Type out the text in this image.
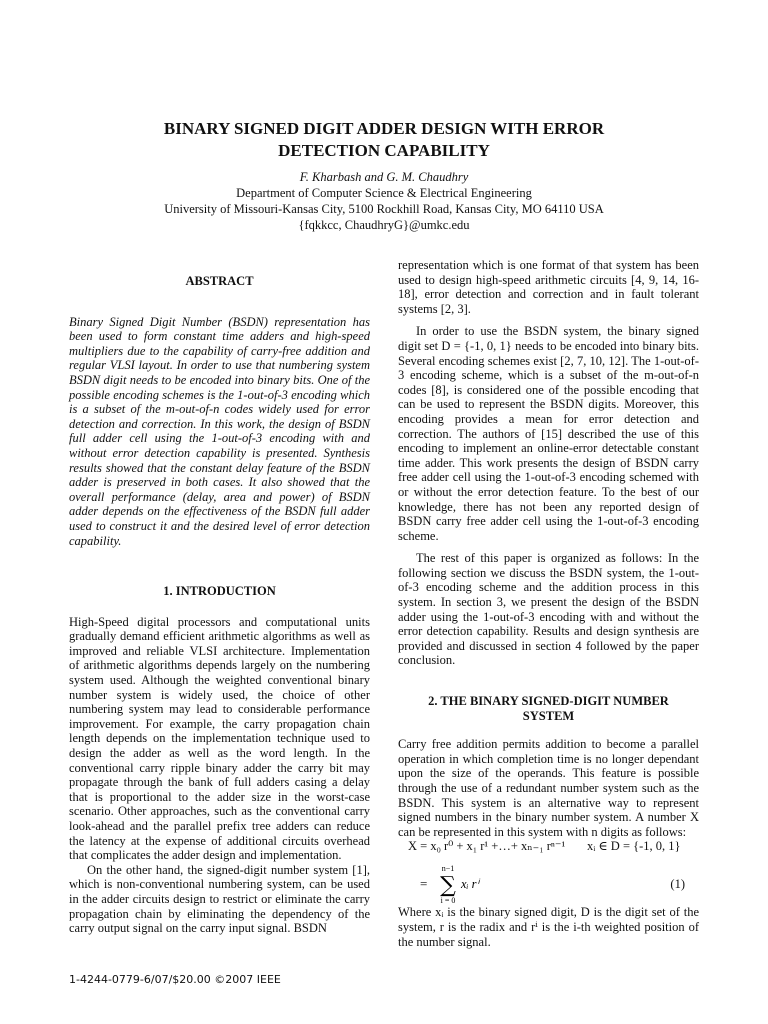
BINARY SIGNED DIGIT ADDER DESIGN WITH ERROR
DETECTION CAPABILITY
F. Kharbash and G. M. Chaudhry
Department of Computer Science & Electrical Engineering
University of Missouri-Kansas City, 5100 Rockhill Road, Kansas City, MO 64110 USA
{fqkkcc, ChaudhryG}@umkc.edu
ABSTRACT

Binary Signed Digit Number (BSDN) representation has been used to form constant time adders and high-speed multipliers due to the capability of carry-free addition and regular VLSI layout. In order to use that numbering system BSDN digit needs to be encoded into binary bits. One of the possible encoding schemes is the 1-out-of-3 encoding which is a subset of the m-out-of-n codes widely used for error detection and correction. In this work, the design of BSDN full adder cell using the 1-out-of-3 encoding with and without error detection capability is presented. Synthesis results showed that the constant delay feature of the BSDN adder is preserved in both cases. It also showed that the overall performance (delay, area and power) of BSDN adder depends on the effectiveness of the BSDN full adder used to construct it and the desired level of error detection capability.

1. INTRODUCTION

High-Speed digital processors and computational units gradually demand efficient arithmetic algorithms as well as improved and reliable VLSI architecture. Implementation of arithmetic algorithms depends largely on the numbering system used. Although the weighted conventional binary number system is widely used, the choice of other numbering system may lead to considerable performance improvement. For example, the carry propagation chain length depends on the implementation technique used to design the adder as well as the word length. In the conventional carry ripple binary adder the carry bit may propagate through the bank of full adders casing a delay that is proportional to the adder size in the worst-case scenario. Other approaches, such as the conventional carry look-ahead and the parallel prefix tree adders can reduce the latency at the expense of additional circuits overhead that complicates the adder design and implementation.

On the other hand, the signed-digit number system [1], which is non-conventional numbering system, can be used in the adder circuits design to restrict or eliminate the carry propagation chain by eliminating the dependency of the carry output signal on the carry input signal. BSDN

representation which is one format of that system has been used to design high-speed arithmetic circuits [4, 9, 14, 16-18], error detection and correction and in fault tolerant systems [2, 3].

In order to use the BSDN system, the binary signed digit set D = {-1, 0, 1} needs to be encoded into binary bits. Several encoding schemes exist [2, 7, 10, 12]. The 1-out-of-3 encoding scheme, which is a subset of the m-out-of-n codes [8], is considered one of the possible encoding that can be used to represent the BSDN digits. Moreover, this encoding provides a mean for error detection and correction. The authors of [15] described the use of this encoding to implement an online-error detectable constant time adder. This work presents the design of BSDN carry free adder cell using the 1-out-of-3 encoding schemed with or without the error detection feature. To the best of our knowledge, there has not been any reported design of BSDN carry free adder cell using the 1-out-of-3 encoding scheme.

The rest of this paper is organized as follows: In the following section we discuss the BSDN system, the 1-out-of-3 encoding scheme and the addition process in this system. In section 3, we present the design of the BSDN adder using the 1-out-of-3 encoding with and without the error detection capability. Results and design synthesis are provided and discussed in section 4 followed by the paper conclusion.

2. THE BINARY SIGNED-DIGIT NUMBER
SYSTEM

Carry free addition permits addition to become a parallel operation in which completion time is no longer dependant upon the size of the operands. This feature is possible through the use of a redundant number system such as the BSDN. This system is an alternative way to represent signed numbers in the binary number system. A number X can be represented in this system with n digits as follows:

X = x₀ r⁰ + x₁ r¹ +…+ xₙ₋₁ rⁿ⁻¹ xᵢ ∈ D = {-1, 0, 1}
=
n−1
∑
i = 0
xᵢ rⁱ	(1)

Where xᵢ is the binary signed digit, D is the digit set of the system, r is the radix and rⁱ is the i-th weighted position of the number signal.

1-4244-0779-6/07/$20.00 ©2007 IEEE
